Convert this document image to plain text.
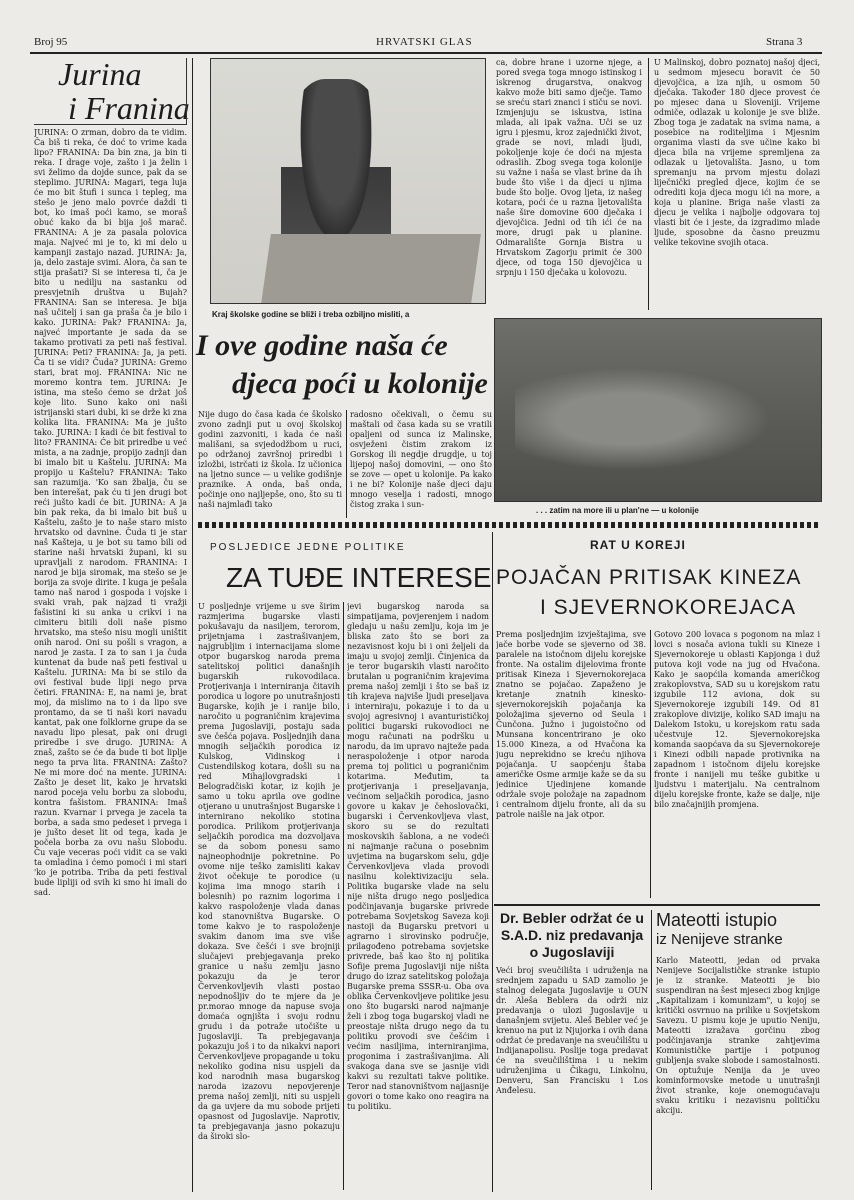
Broj 95	HRVATSKI GLAS	Strana 3
Jurina
i Franina

JURINA: O zrman, dobro da te vidim. Ča biš ti reka, će doć to vrime kada lipo? FRANINA: Da bin zna, ja bin ti reka. I drage voje, zašto i ja želin i svi želimo da dojde sunce, pak da se steplimo. JURINA: Magari, tega luja će mo bit štufi i sunca i tepleg, ma stešo je jeno malo povrće daždi ti bot, ko imaš poći kamo, se moraš obuć kako da bi bija još marač. FRANINA: A je za pasala polovica maja. Najveć mi je to, ki mi delo u kampanji zastajo nazad. JURINA: Ja, ja, delo zastaje svimi. Alora, ča san te stija prašati? Si se interesa ti, ča je bito u nedilju na sastanku od presvjetnih društva u Bujah? FRANINA: San se interesa. Je bija naš učitelj i san ga praša ča je bilo i kako. JURINA: Pak? FRANINA: Ja, najveć importante je sada da se takamo protivati za peti naš festival. JURINA: Peti? FRANINA: Ja, ja peti. Ča ti se vidi? Čuda? JURINA: Gremo stari, brat moj. FRANINA: Nic ne moremo kontra tem. JURINA: Je istina, ma stešo ćemo se držat još koje lito. Suno kako oni naši istrijanski stari dubi, ki se drže ki zna kolika lita. FRANINA: Ma je jušto tako. JURINA: I kadi će bit festival to lito? FRANINA: Će bit priredbe u već mista, a na zadnje, propijo zadnji dan bi imalo bit u Kaštelu. JURINA: Ma propijo u Kaštelu? FRANINA: Tako san razumija. 'Ko san žbalja, ču se ben interešat, pak ću ti jen drugi bot reći jušto kadi će bit. JURINA: A ja bin pak reka, da bi imalo bit buš u Kaštelu, zašto je to naše staro misto hrvatsko od davnine. Čuda ti je star naš Kašteja, u je bot su tamo bili od starine naši hrvatski župani, ki su upravljali z narodom. FRANINA: I narod je bija siromak, ma stešo se je borija za svoje dirite. I kuga je pešala tamo naš narod i gospoda i vojske i svaki vrah, pak najzad ti vražji fašistini ki su anka u crikvi i na cimiteru bitili doli naše pismo hrvatsko, ma stešo nisu mogli uništit onih narod. Oni su pošli s vragon, a narod je zasta. I za to san i ja čuda kuntenat da bude naš peti festival u Kaštelu. JURINA: Ma bi se stilo da ovi festival bude lipji nego prva četiri. FRANINA: E, na nami je, brat moj, da mislimo na to i da lipo sve prontamo, da se ti naši kori navadu kantat, pak one folklorne grupe da se navadu lipo plesat, pak oni drugi priredbe i sve drugo. JURINA: A znaš, zašto se će da bude ti bot liplje nego ta prva lita. FRANINA: Zašto? Ne mi more doć na mente. JURINA: Zašto je deset lit, kako je hrvatski narod poceja velu borbu za slobodu, kontra fašistom. FRANINA: Imaš razun. Kvarnar i prvega je zacela ta borba, a sada smo pedeset i prvega i je jušto deset lit od tega, kada je počela borba za ovu našu Slobodu. Ču vaje veceras poći vidit ca se vaki ta omladina i ćemo pomoći i mi stari 'ko je potriba. Triba da peti festival bude lipliji od svih ki smo hi imali do sad.

Kraj školske godine se bliži i treba ozbiljno misliti, a

ca, dobre hrane i uzorne njege, a pored svega toga mnogo istinskog i iskrenog drugarstva, onakvog kakvo može biti samo dječje. Tamo se sreću stari znanci i stiču se novi. Izmjenjuju se iskustva, istina mlada, ali ipak važna. Uči se uz igru i pjesmu, kroz zajednički život, grade se novi, mladi ljudi, pokoljenje koje će doći na mjesta odraslih. Zbog svega toga kolonije su važne i naša se vlast brine da ih bude što više i da djeci u njima bude što bolje. Ovog ljeta, iz našeg kotara, poći će u razna ljetovališta naše šire domovine 600 dječaka i djevojčica. Jedni od tih ići će na more, drugi pak u planine. Odmaralište Gornja Bistra u Hrvatskom Zagorju primit će 300 djece, od toga 150 djevojčica u srpnju i 150 dječaka u kolovozu.

U Malinskoj, dobro poznatoj našoj djeci, u sedmom mjesecu boravit će 50 djevojčica, a iza njih, u osmom 50 dječaka. Također 180 djece provest će po mjesec dana u Sloveniji. Vrijeme odmiče, odlazak u kolonije je sve bliže. Zbog toga je zadatak na svima nama, a posebice na roditeljima i Mjesnim organima vlasti da sve učine kako bi djeca bila na vrijeme spremljena za odlazak u ljetovališta. Jasno, u tom spremanju na prvom mjestu dolazi liječnički pregled djece, kojim će se odrediti koja djeca mogu ići na more, a koja u planine. Briga naše vlasti za djecu je velika i najbolje odgovara toj vlasti bit će i jeste, da izgradimo mlade ljude, sposobne da časno preuzmu velike tekovine svojih otaca.

I ove godine naša će
djeca poći u kolonije

Nije dugo do časa kada će školsko zvono zadnji put u ovoj školskoj godini zazvoniti, i kada će naši mališani, sa svjedodžbom u ruci, po održanoj završnoj priredbi i izložbi, istrčati iz škola. Iz učionica na ljetno sunce — u velike godišnje praznike. A onda, baš onda, počinje ono najljepše, ono, što su ti naši najmlađi tako

radosno očekivali, o čemu su maštali od časa kada su se vratili opaljeni od sunca iz Malinske, osvježeni čistim zrakom iz Gorskog ili negdje drugdje, u toj lijepoj našoj domovini, — ono što se zove — opet u kolonije. Pa kako i ne bi? Kolonije naše djeci daju mnogo veselja i radosti, mnogo čistog zraka i sun-

. . . zatim na more ili u plan'ne — u kolonije
POSLJEDICE JEDNE POLITIKE
ZA TUĐE INTERESE

U posljednje vrijeme u sve širim razmjerima bugarske vlasti pokušavaju da nasiljem, terorom, prijetnjama i zastrašivanjem, najgrubljim i internacijama slome otpor bugarskog naroda prema satelitskoj politici današnjih bugarskih rukovodilaca. Protjerivanja i interniranja čitavih porodica u logore po unutrašnjosti Bugarske, kojih je i ranije bilo, naročito u pograničnim krajevima prema Jugoslaviji, postaju sada sve češća pojava. Posljednjih dana mnogih seljačkih porodica iz Kulskog, Vidinskog i Custendilskog kotara, došli su na red Mihajlovgradski i Belogradčiski kotar, iz kojih je samo u toku aprila ove godine otjerano u unutrašnjost Bugarske i internirano nekoliko stotina porodica. Prilikom protjerivanja seljačkih porodica ma dozvoljava se da sobom ponesu samo najneophodnije pokretnine. Po ovome nije teško zamisliti kakav život očekuje te porodice (u kojima ima mnogo starih i bolesnih) po raznim logorima i kakvo raspoloženje vlada danas kod stanovništva Bugarske. O tome kakvo je to raspoloženje svakim danom ima sve više dokaza. Sve češći i sve brojniji slučajevi prebjegavanja preko granice u našu zemlju jasno pokazuju da je teror Červenkovljevih vlasti postao nepodnošljiv do te mjere da je pr.morao mnoge da napuse svoja domaća ognjišta i svoju rodnu grudu i da potraže utočište u Jugoslaviji. Ta prebjegavanja pokazuju još i to da nikakvi napori Červenkovljeve propagande u toku nekoliko godina nisu uspjeli da kod narodnih masa bugarskog naroda izazovu nepovjerenje prema našoj zemlji, niti su uspjeli da ga uvjere da mu sobode prijeti opasnost od Jugoslavije. Naprotiv, ta prebjegavanja jasno pokazuju da široki slo-

jevi bugarskog naroda sa simpatijama, povjerenjem i nadom gledaju u našu zemlju, koja im je bliska zato što se bori za nezavisnost koju bi i oni željeli da imaju u svojoj zemlji. Činjenica da je teror bugarskih vlasti naročito brutalan u pograničnim krajevima prema našoj zemlji i što se baš iz tih krajeva najviše ljudi preseljava i interniraju, pokazuje i to da u svojoj agresivnoj i avanturističkoj politici bugarski rukovodioci ne mogu računati na podršku u narodu, da im upravo najteže pada neraspoloženje i otpor naroda prema toj politici u pograničnim kotarima. Međutim, ta protjerivanja i preseljavanja, većinom seljačkih porodica, jasno govore u kakav je čehoslovački, bugarski i Červenkovljeva vlast, skoro su se do rezultati moskovskih šablona, a ne vodeći ni najmanje računa o posebnim uvjetima na bugarskom selu, gdje Červenkovljeva vlada provodi nasilnu kolektivizaciju sela. Politika bugarske vlade na selu nije ništa drugo nego posljedica podčinjavanja bugarske privrede potrebama Sovjetskog Saveza koji nastoji da Bugarsku pretvori u agrarno i sirovinsko područje, prilagođeno potrebama sovjetske privrede, baš kao što nj politika Sofije prema Jugoslaviji nije ništa drugo do izraz satelitskog položaja Bugarske prema SSSR-u. Oba ova oblika Červenkovljeve politike jesu ono što bugarski narod najmanje želi i zbog toga bugarskoj vladi ne preostaje ništa drugo nego da tu politiku provodi sve češćim i većim nasiljima, interniranjima, progonima i zastrašivanjima. Ali svakoga dana sve se jasnije vidi kakvi su rezultati takve politike. Teror nad stanovništvom najjasnije govori o tome kako ono reagira na tu politiku.

RAT U KOREJI
POJAČAN PRITISAK KINEZA
I SJEVERNOKOREJACA

Prema posljednjim izvještajima, sve jače borbe vode se sjeverno od 38. paralele na istočnom dijelu korejske fronte. Na ostalim dijelovima fronte pritisak Kineza i Sjevernokorejaca znatno se pojačao. Zapaženo je kretanje znatnih kinesko-sjevernokorejskih pojačanja ka položajima sjeverno od Seula i Čunčona. Južno i jugoistočno od Munsana koncentrirano je oko 15.000 Kineza, a od Hvačona ka jugu neprekidno se kreću njihova pojačanja. U saopćenju štaba američke Osme armije kaže se da su jedinice Ujedinjene komande održale svoje položaje na zapadnom i centralnom dijelu fronte, ali da su patrole naišle na jak otpor.

Gotovo 200 lovaca s pogonom na mlaz i lovci s nosača aviona tukli su Kineze i Sjevernokoreje u oblasti Kapjonga i duž putova koji vode na jug od Hvačona. Kako je saopćila komanda američkog zrakoplovstva, SAD su u korejskom ratu izgubile 112 aviona, dok su Sjevernokoreje izgubili 149. Od 81 zrakoplove divizije, koliko SAD imaju na Dalekom Istoku, u korejskom ratu sada učestvuje 12. Sjevernokorejska komanda saopćava da su Sjevernokoreje i Kinezi odbili napade protivnika na zapadnom i istočnom dijelu korejske fronte i nanijeli mu teške gubitke u ljudstvu i materijalu. Na centralnom dijelu korejske fronte, kaže se dalje, nije bilo značajnijih promjena.

Dr. Bebler održat će u
S.A.D. niz predavanja
o Jugoslaviji

Veći broj sveučilišta i udruženja na srednjem zapadu u SAD zamolio je stalnog delegata Jugoslavije u OUN dr. Aleša Beblera da održi niz predavanja o ulozi Jugoslavije u današnjem svijetu. Aleš Bebler već je krenuo na put iz Njujorka i ovih dana održat će predavanje na sveučilištu u Indijanapolisu. Poslije toga predavat će na sveučilištima i u nekim udruženjima u Čikagu, Linkolnu, Denveru, San Francisku i Los Anđelesu.

Mateotti istupio
iz Nenijeve stranke

Karlo Mateotti, jedan od prvaka Nenijeve Socijalističke stranke istupio je iz stranke. Mateotti je bio suspendiran na šest mjeseci zbog knjige „Kapitalizam i komunizam", u kojoj se kritički osvrnuo na prilike u Sovjetskom Savezu. U pismu koje je uputio Neniju, Mateotti izražava gorčinu zbog podčinjavanja stranke zahtjevima Komunističke partije i potpunog gubljenja svake slobode i samostalnosti. On optužuje Nenija da je uveo kominformovske metode u unutrašnji život stranke, koje onemogućavaju svaku kritiku i nezavisnu političku akciju.
